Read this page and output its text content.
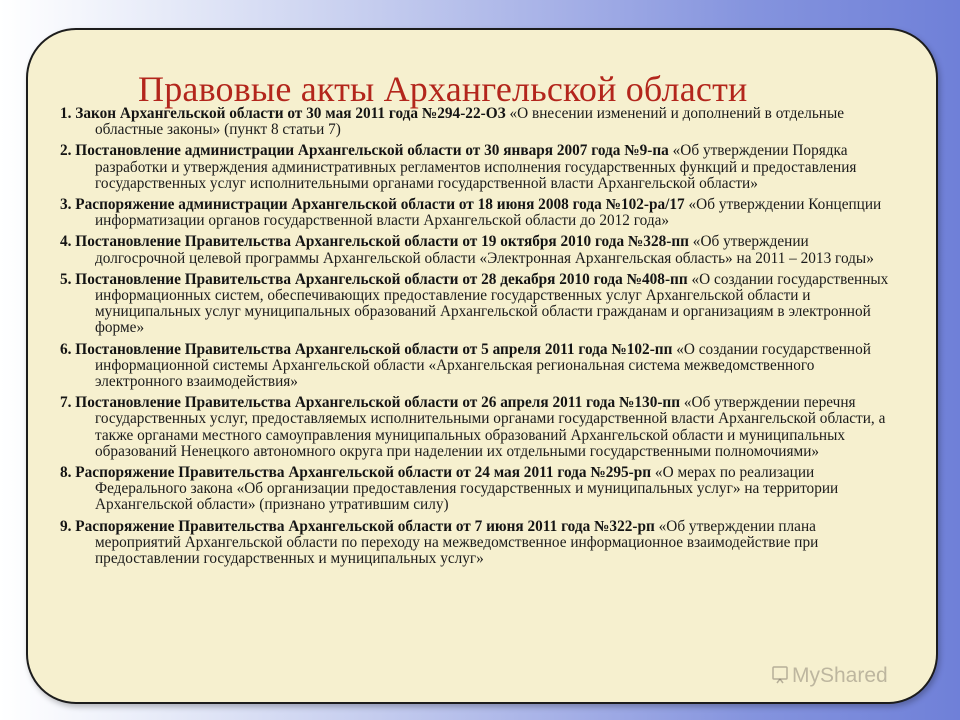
Правовые акты Архангельской области
1. Закон Архангельской области от 30 мая 2011 года №294-22-ОЗ «О внесении изменений и дополнений в отдельные областные законы» (пункт 8 статьи 7)
2. Постановление администрации Архангельской области от 30 января 2007 года №9-па «Об утверждении Порядка разработки и утверждения административных регламентов исполнения государственных функций и предоставления государственных услуг исполнительными органами государственной власти Архангельской области»
3. Распоряжение администрации Архангельской области от 18 июня 2008 года №102-ра/17 «Об утверждении Концепции информатизации органов государственной власти Архангельской области до 2012 года»
4. Постановление Правительства Архангельской области от 19 октября 2010 года №328-пп «Об утверждении долгосрочной целевой программы Архангельской области «Электронная Архангельская область» на 2011 – 2013 годы»
5. Постановление Правительства Архангельской области от 28 декабря 2010 года №408-пп «О создании государственных информационных систем, обеспечивающих предоставление государственных услуг Архангельской области и муниципальных услуг муниципальных образований Архангельской области гражданам и организациям в электронной форме»
6. Постановление Правительства Архангельской области от 5 апреля 2011 года №102-пп «О создании государственной информационной системы Архангельской области «Архангельская региональная система межведомственного электронного взаимодействия»
7. Постановление Правительства Архангельской области от 26 апреля 2011 года №130-пп «Об утверждении перечня государственных услуг, предоставляемых исполнительными органами государственной власти Архангельской области, а также органами местного самоуправления муниципальных образований Архангельской области и муниципальных образований Ненецкого автономного округа при наделении их отдельными государственными полномочиями»
8. Распоряжение Правительства Архангельской области от 24 мая 2011 года №295-рп «О мерах по реализации Федерального закона «Об организации предоставления государственных и муниципальных услуг» на территории Архангельской области» (признано утратившим силу)
9. Распоряжение Правительства Архангельской области от 7 июня 2011 года №322-рп «Об утверждении плана мероприятий Архангельской области по переходу на межведомственное информационное взаимодействие при предоставлении государственных и муниципальных услуг»
MyShared
